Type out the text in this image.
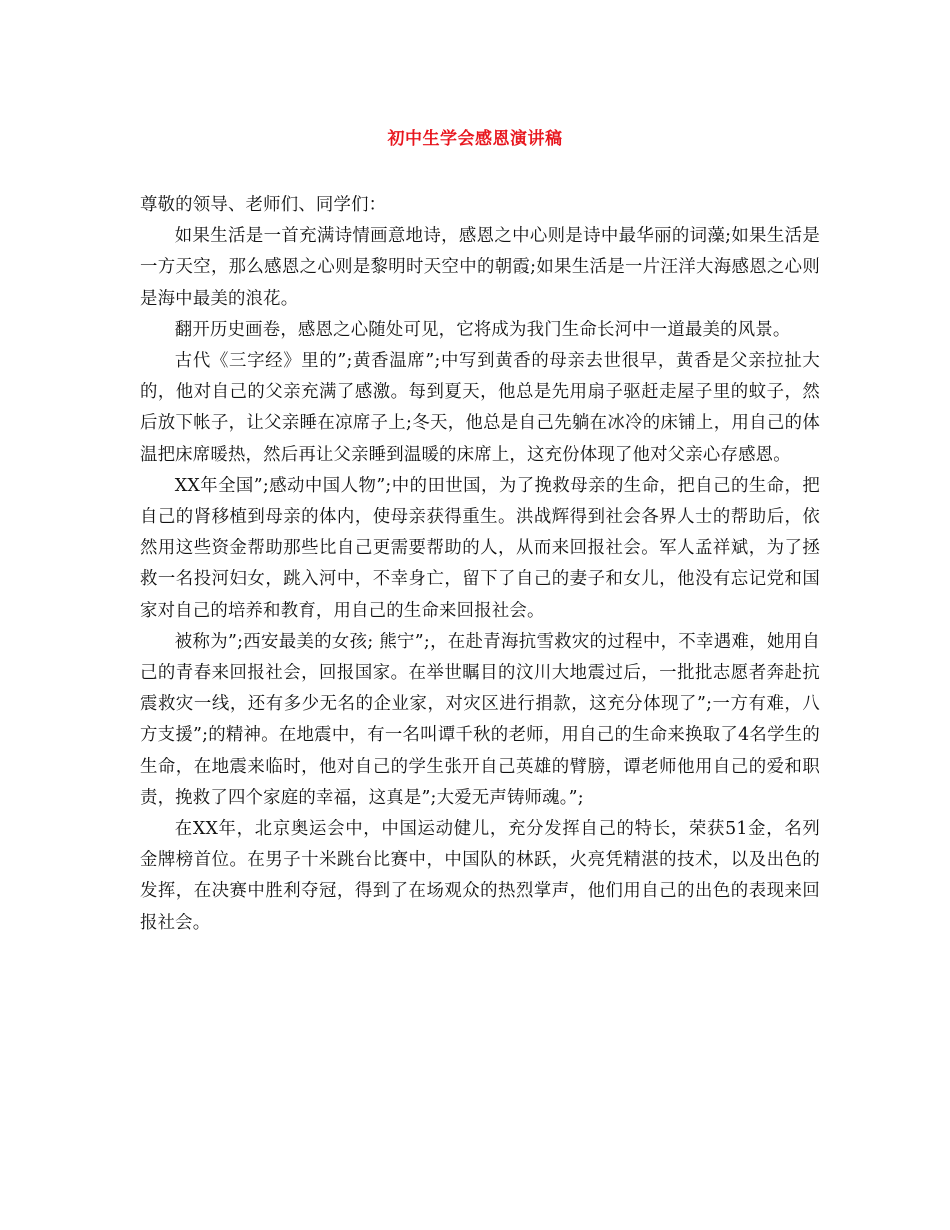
初中生学会感恩演讲稿

尊敬的领导、老师们、同学们：

如果生活是一首充满诗情画意地诗，感恩之中心则是诗中最华丽的词藻;如果生活是一方天空，那么感恩之心则是黎明时天空中的朝霞;如果生活是一片汪洋大海感恩之心则是海中最美的浪花。

翻开历史画卷，感恩之心随处可见，它将成为我门生命长河中一道最美的风景。

古代《三字经》里的”;黄香温席”;中写到黄香的母亲去世很早，黄香是父亲拉扯大的，他对自己的父亲充满了感激。每到夏天，他总是先用扇子驱赶走屋子里的蚊子，然后放下帐子，让父亲睡在凉席子上;冬天，他总是自己先躺在冰冷的床铺上，用自己的体温把床席暖热，然后再让父亲睡到温暖的床席上，这充份体现了他对父亲心存感恩。

XX年全国”;感动中国人物”;中的田世国，为了挽救母亲的生命，把自己的生命，把自己的肾移植到母亲的体内，使母亲获得重生。洪战辉得到社会各界人士的帮助后，依然用这些资金帮助那些比自己更需要帮助的人，从而来回报社会。军人孟祥斌，为了拯救一名投河妇女，跳入河中，不幸身亡，留下了自己的妻子和女儿，他没有忘记党和国家对自己的培养和教育，用自己的生命来回报社会。

被称为”;西安最美的女孩; 熊宁”;，在赴青海抗雪救灾的过程中，不幸遇难，她用自己的青春来回报社会，回报国家。在举世瞩目的汶川大地震过后，一批批志愿者奔赴抗震救灾一线，还有多少无名的企业家，对灾区进行捐款，这充分体现了”;一方有难，八方支援”;的精神。在地震中，有一名叫谭千秋的老师，用自己的生命来换取了4名学生的生命，在地震来临时，他对自己的学生张开自己英雄的臂膀，谭老师他用自己的爱和职责，挽救了四个家庭的幸福，这真是”;大爱无声铸师魂。”;

在XX年，北京奥运会中，中国运动健儿，充分发挥自己的特长，荣获51金，名列金牌榜首位。在男子十米跳台比赛中，中国队的林跃，火亮凭精湛的技术，以及出色的发挥，在决赛中胜利夺冠，得到了在场观众的热烈掌声，他们用自己的出色的表现来回报社会。
